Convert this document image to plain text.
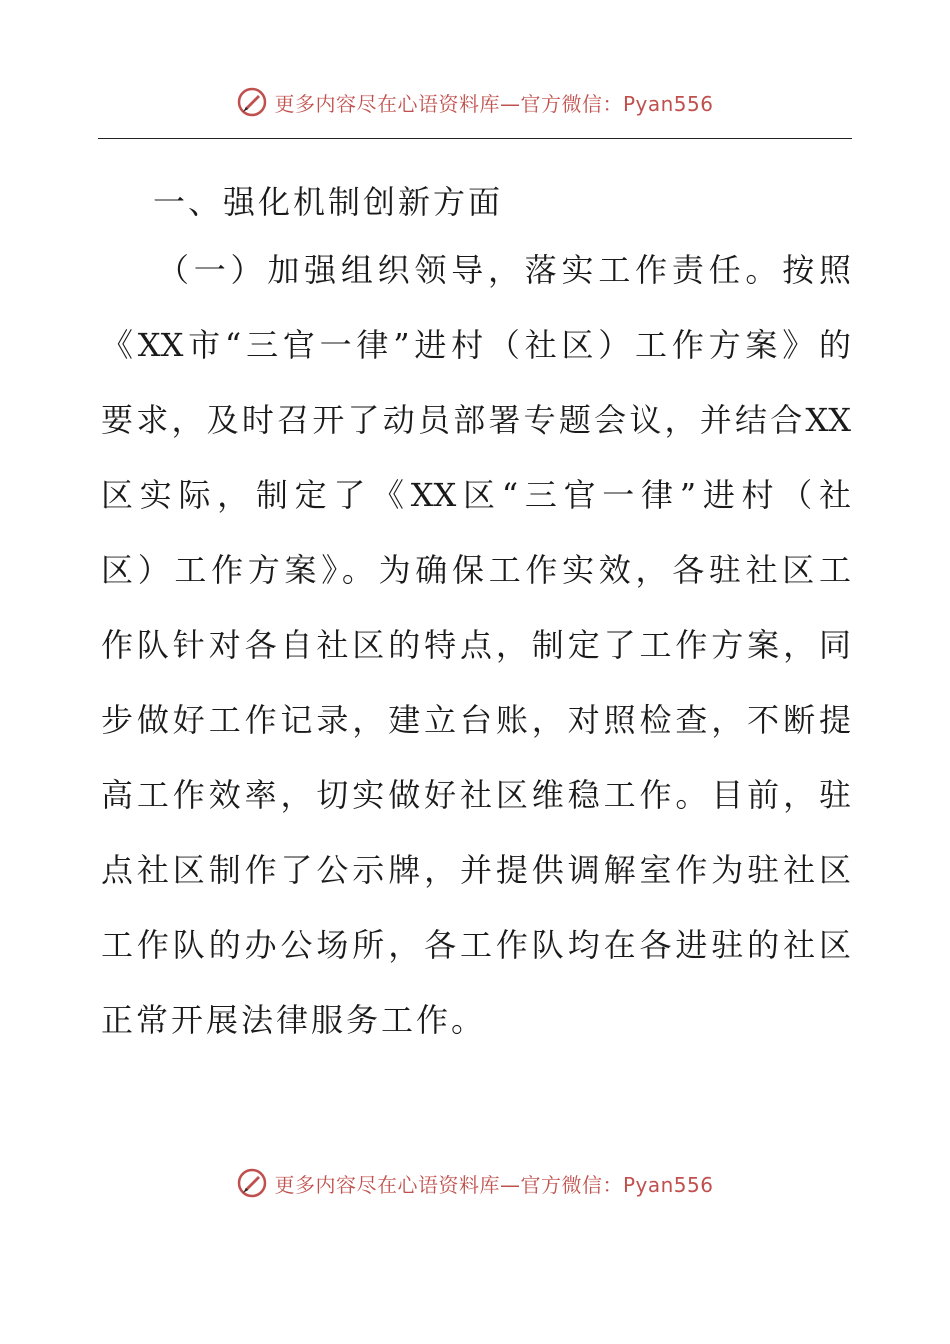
更多内容尽在心语资料库—官方微信：Pyan556
一、强化机制创新方面
（一）加强组织领导，落实工作责任。按照
《XX市“三官一律”进村（社区）工作方案》的
要求，及时召开了动员部署专题会议，并结合XX
区实际，制定了《XX区“三官一律”进村（社
区）工作方案》。为确保工作实效，各驻社区工
作队针对各自社区的特点，制定了工作方案，同
步做好工作记录，建立台账，对照检查，不断提
高工作效率，切实做好社区维稳工作。目前，驻
点社区制作了公示牌，并提供调解室作为驻社区
工作队的办公场所，各工作队均在各进驻的社区
正常开展法律服务工作。
更多内容尽在心语资料库—官方微信：Pyan556
